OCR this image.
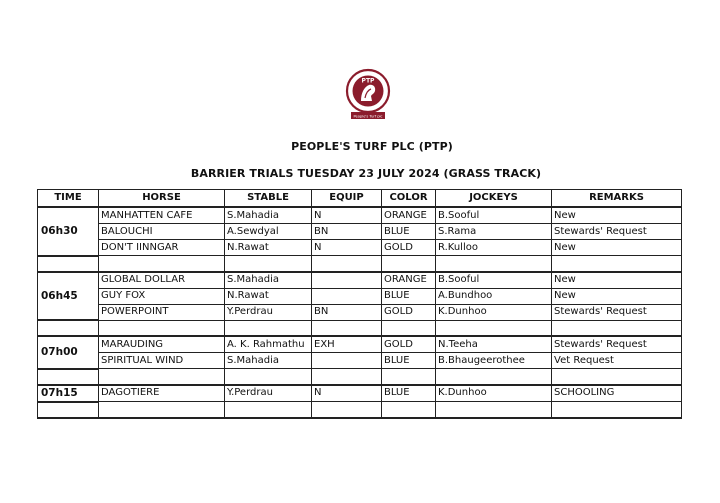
PTP
People's Turf plc
PEOPLE'S TURF PLC (PTP)
BARRIER TRIALS TUESDAY 23 JULY 2024 (GRASS TRACK)
TIME	HORSE	STABLE	EQUIP	COLOR	JOCKEYS	REMARKS
06h30	MANHATTEN CAFE	S.Mahadia	N	ORANGE	B.Sooful	New
	BALOUCHI	A.Sewdyal	BN	BLUE	S.Rama	Stewards' Request
	DON'T IINNGAR	N.Rawat	N	GOLD	R.Kulloo	New

06h45	GLOBAL DOLLAR	S.Mahadia		ORANGE	B.Sooful	New
	GUY FOX	N.Rawat		BLUE	A.Bundhoo	New
	POWERPOINT	Y.Perdrau	BN	GOLD	K.Dunhoo	Stewards' Request

07h00	MARAUDING	A. K. Rahmathu	EXH	GOLD	N.Teeha	Stewards' Request
	SPIRITUAL WIND	S.Mahadia		BLUE	B.Bhaugeerothee	Vet Request

07h15	DAGOTIERE	Y.Perdrau	N	BLUE	K.Dunhoo	SCHOOLING
